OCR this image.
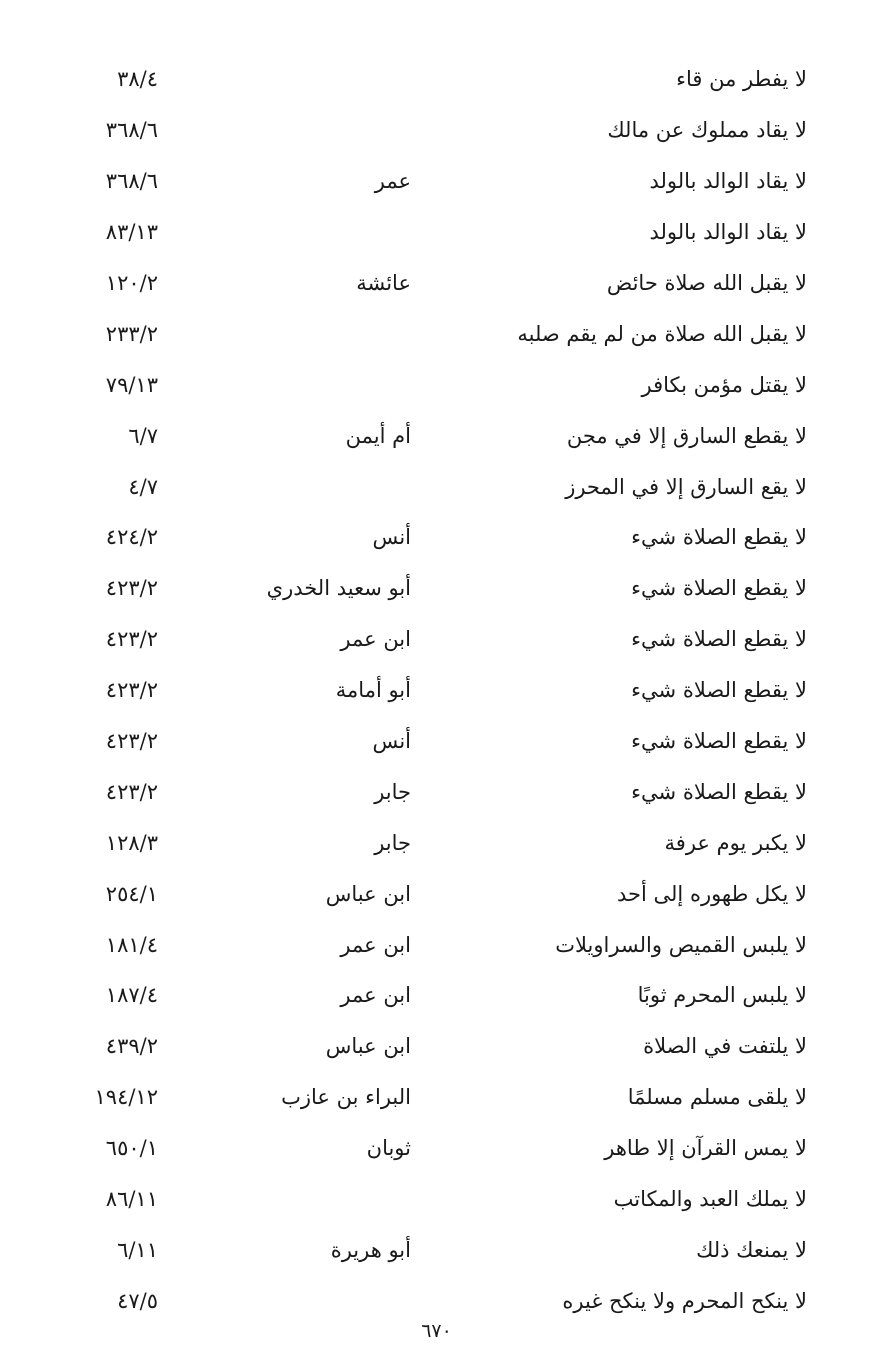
لا يفطر من قاء
٣٨/٤
لا يقاد مملوك عن مالك
٣٦٨/٦
لا يقاد الوالد بالولد
عمر
٣٦٨/٦
لا يقاد الوالد بالولد
٨٣/١٣
لا يقبل الله صلاة حائض
عائشة
١٢٠/٢
لا يقبل الله صلاة من لم يقم صلبه
٢٣٣/٢
لا يقتل مؤمن بكافر
٧٩/١٣
لا يقطع السارق إلا في مجن
أم أيمن
٦/٧
لا يقع السارق إلا في المحرز
٤/٧
لا يقطع الصلاة شيء
أنس
٤٢٤/٢
لا يقطع الصلاة شيء
أبو سعيد الخدري
٤٢٣/٢
لا يقطع الصلاة شيء
ابن عمر
٤٢٣/٢
لا يقطع الصلاة شيء
أبو أمامة
٤٢٣/٢
لا يقطع الصلاة شيء
أنس
٤٢٣/٢
لا يقطع الصلاة شيء
جابر
٤٢٣/٢
لا يكبر يوم عرفة
جابر
١٢٨/٣
لا يكل طهوره إلى أحد
ابن عباس
٢٥٤/١
لا يلبس القميص والسراويلات
ابن عمر
١٨١/٤
لا يلبس المحرم ثوبًا
ابن عمر
١٨٧/٤
لا يلتفت في الصلاة
ابن عباس
٤٣٩/٢
لا يلقى مسلم مسلمًا
البراء بن عازب
١٩٤/١٢
لا يمس القرآن إلا طاهر
ثوبان
٦٥٠/١
لا يملك العبد والمكاتب
٨٦/١١
لا يمنعك ذلك
أبو هريرة
٦/١١
لا ينكح المحرم ولا ينكح غيره
٤٧/٥
٦٧٠
